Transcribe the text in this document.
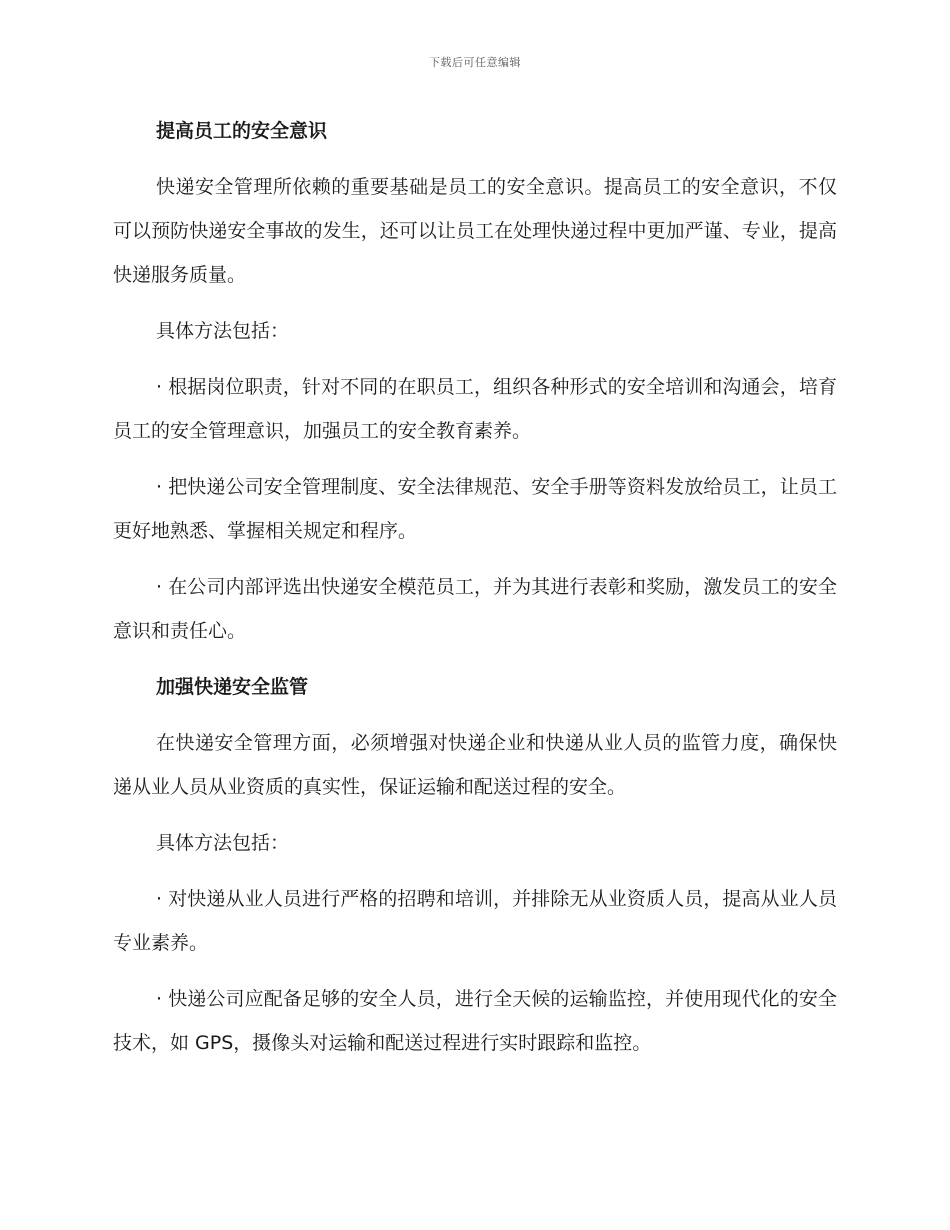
下载后可任意编辑
提高员工的安全意识
快递安全管理所依赖的重要基础是员工的安全意识。提高员工的安全意识，不仅可以预防快递安全事故的发生，还可以让员工在处理快递过程中更加严谨、专业，提高快递服务质量。
具体方法包括：
· 根据岗位职责，针对不同的在职员工，组织各种形式的安全培训和沟通会，培育员工的安全管理意识，加强员工的安全教育素养。
· 把快递公司安全管理制度、安全法律规范、安全手册等资料发放给员工，让员工更好地熟悉、掌握相关规定和程序。
· 在公司内部评选出快递安全模范员工，并为其进行表彰和奖励，激发员工的安全意识和责任心。
加强快递安全监管
在快递安全管理方面，必须增强对快递企业和快递从业人员的监管力度，确保快递从业人员从业资质的真实性，保证运输和配送过程的安全。
具体方法包括：
· 对快递从业人员进行严格的招聘和培训，并排除无从业资质人员，提高从业人员专业素养。
· 快递公司应配备足够的安全人员，进行全天候的运输监控，并使用现代化的安全技术，如 GPS，摄像头对运输和配送过程进行实时跟踪和监控。
